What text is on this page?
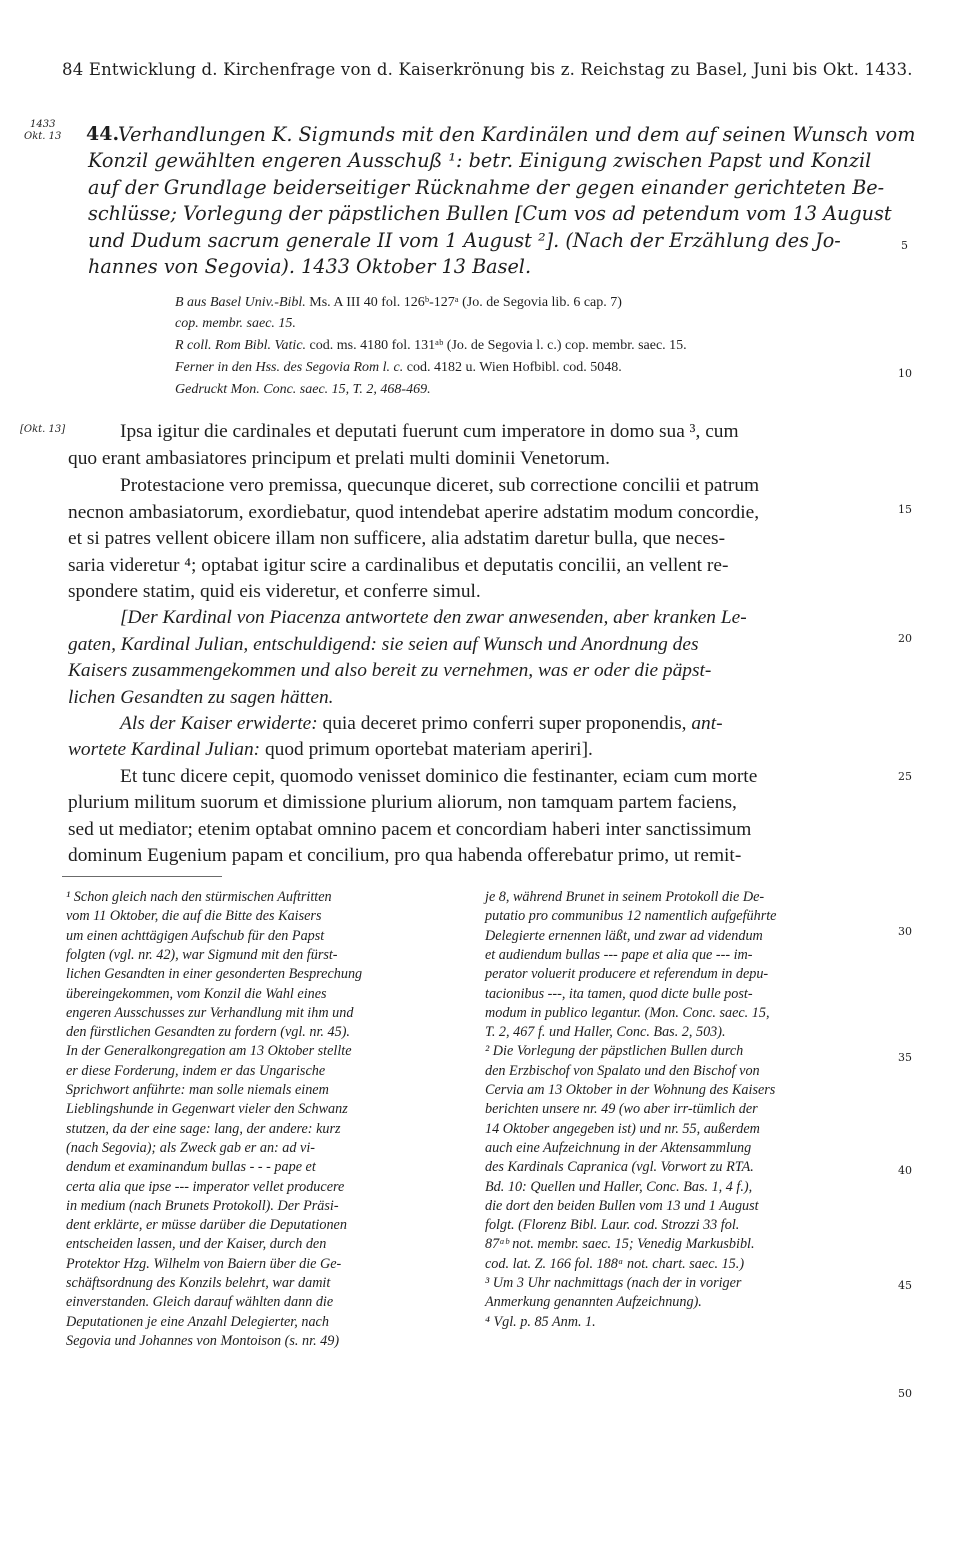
84 Entwicklung d. Kirchenfrage von d. Kaiserkrönung bis z. Reichstag zu Basel, Juni bis Okt. 1433.
1433
Okt. 13
[Okt. 13]
5
10
15
20
25
30
35
40
45
50
44.
Verhandlungen K. Sigmunds mit den Kardinälen und dem auf seinen Wunsch vom
Konzil gewählten engeren Ausschuß ¹: betr. Einigung zwischen Papst und Konzil
auf der Grundlage beiderseitiger Rücknahme der gegen einander gerichteten Be-
schlüsse; Vorlegung der päpstlichen Bullen [Cum vos ad petendum vom 13 August
und Dudum sacrum generale II vom 1 August ²]. (Nach der Erzählung des Jo-
hannes von Segovia). 1433 Oktober 13 Basel.
B aus Basel Univ.-Bibl. Ms. A III 40 fol. 126ᵇ-127ᵃ (Jo. de Segovia lib. 6 cap. 7)
cop. membr. saec. 15.
R coll. Rom Bibl. Vatic. cod. ms. 4180 fol. 131ᵃᵇ (Jo. de Segovia l. c.) cop. membr. saec. 15.
Ferner in den Hss. des Segovia Rom l. c. cod. 4182 u. Wien Hofbibl. cod. 5048.
Gedruckt Mon. Conc. saec. 15, T. 2, 468-469.
Ipsa igitur die cardinales et deputati fuerunt cum imperatore in domo sua ³, cum
quo erant ambasiatores principum et prelati multi dominii Venetorum.
Protestacione vero premissa, quecunque diceret, sub correctione concilii et patrum
necnon ambasiatorum, exordiebatur, quod intendebat aperire adstatim modum concordie,
et si patres vellent obicere illam non sufficere, alia adstatim daretur bulla, que neces-
saria videretur ⁴; optabat igitur scire a cardinalibus et deputatis concilii, an vellent re-
spondere statim, quid eis videretur, et conferre simul.
[Der Kardinal von Piacenza antwortete den zwar anwesenden, aber kranken Le-
gaten, Kardinal Julian, entschuldigend: sie seien auf Wunsch und Anordnung des
Kaisers zusammengekommen und also bereit zu vernehmen, was er oder die päpst-
lichen Gesandten zu sagen hätten.
Als der Kaiser erwiderte: quia deceret primo conferri super proponendis, ant-
wortete Kardinal Julian: quod primum oportebat materiam aperiri].
Et tunc dicere cepit, quomodo venisset dominico die festinanter, eciam cum morte
plurium militum suorum et dimissione plurium aliorum, non tamquam partem faciens,
sed ut mediator; etenim optabat omnino pacem et concordiam haberi inter sanctissimum
dominum Eugenium papam et concilium, pro qua habenda offerebatur primo, ut remit-
¹ Schon gleich nach den stürmischen Auftritten
vom 11 Oktober, die auf die Bitte des Kaisers
um einen achttägigen Aufschub für den Papst
folgten (vgl. nr. 42), war Sigmund mit den fürst-
lichen Gesandten in einer gesonderten Besprechung
übereingekommen, vom Konzil die Wahl eines
engeren Ausschusses zur Verhandlung mit ihm und
den fürstlichen Gesandten zu fordern (vgl. nr. 45).
In der Generalkongregation am 13 Oktober stellte
er diese Forderung, indem er das Ungarische
Sprichwort anführte: man solle niemals einem
Lieblingshunde in Gegenwart vieler den Schwanz
stutzen, da der eine sage: lang, der andere: kurz
(nach Segovia); als Zweck gab er an: ad vi-
dendum et examinandum bullas - - - pape et
certa alia que ipse --- imperator vellet producere
in medium (nach Brunets Protokoll). Der Präsi-
dent erklärte, er müsse darüber die Deputationen
entscheiden lassen, und der Kaiser, durch den
Protektor Hzg. Wilhelm von Baiern über die Ge-
schäftsordnung des Konzils belehrt, war damit
einverstanden. Gleich darauf wählten dann die
Deputationen je eine Anzahl Delegierter, nach
Segovia und Johannes von Montoison (s. nr. 49)
je 8, während Brunet in seinem Protokoll die De-
putatio pro communibus 12 namentlich aufgeführte
Delegierte ernennen läßt, und zwar ad videndum
et audiendum bullas --- pape et alia que --- im-
perator voluerit producere et referendum in depu-
tacionibus ---, ita tamen, quod dicte bulle post-
modum in publico legantur. (Mon. Conc. saec. 15,
T. 2, 467 f. und Haller, Conc. Bas. 2, 503).
² Die Vorlegung der päpstlichen Bullen durch
den Erzbischof von Spalato und den Bischof von
Cervia am 13 Oktober in der Wohnung des Kaisers
berichten unsere nr. 49 (wo aber irr-tümlich der
14 Oktober angegeben ist) und nr. 55, außerdem
auch eine Aufzeichnung in der Aktensammlung
des Kardinals Capranica (vgl. Vorwort zu RTA.
Bd. 10: Quellen und Haller, Conc. Bas. 1, 4 f.),
die dort den beiden Bullen vom 13 und 1 August
folgt. (Florenz Bibl. Laur. cod. Strozzi 33 fol.
87ᵃᵇ not. membr. saec. 15; Venedig Markusbibl.
cod. lat. Z. 166 fol. 188ᵃ not. chart. saec. 15.)
³ Um 3 Uhr nachmittags (nach der in voriger
Anmerkung genannten Aufzeichnung).
⁴ Vgl. p. 85 Anm. 1.
